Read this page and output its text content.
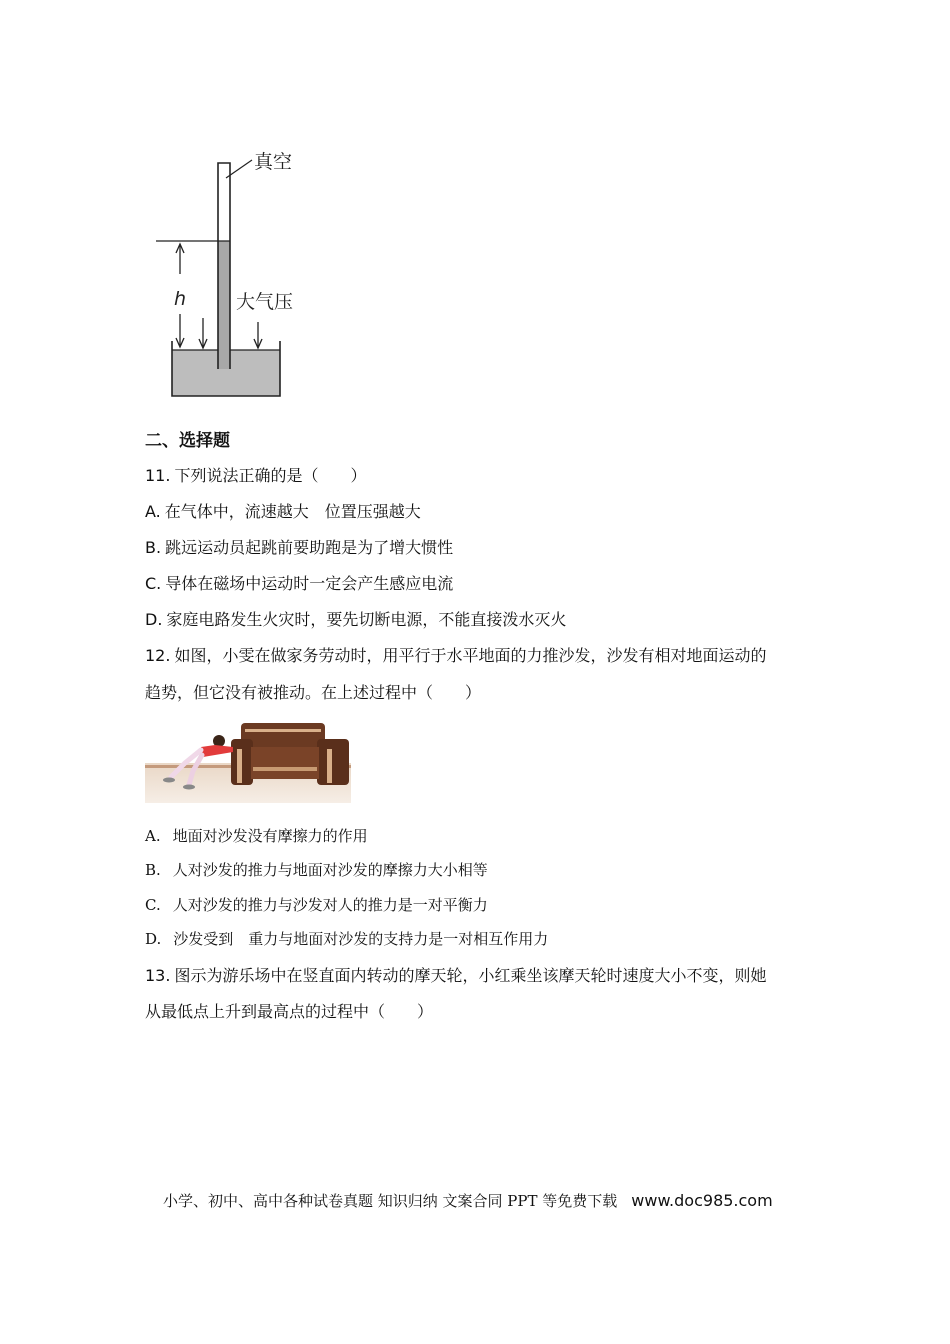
h
真空
大气压
二、选择题
11. 下列说法正确的是（　　）
A. 在气体中，流速越大　位置压强越大
B. 跳远运动员起跳前要助跑是为了增大惯性
C. 导体在磁场中运动时一定会产生感应电流
D. 家庭电路发生火灾时，要先切断电源，不能直接泼水灭火
12. 如图，小雯在做家务劳动时，用平行于水平地面的力推沙发，沙发有相对地面运动的
趋势，但它没有被推动。在上述过程中（　　）
A. 地面对沙发没有摩擦力的作用
B. 人对沙发的推力与地面对沙发的摩擦力大小相等
C. 人对沙发的推力与沙发对人的推力是一对平衡力
D. 沙发受到　重力与地面对沙发的支持力是一对相互作用力
13. 图示为游乐场中在竖直面内转动的摩天轮，小红乘坐该摩天轮时速度大小不变，则她
从最低点上升到最高点的过程中（　　）
小学、初中、高中各种试卷真题 知识归纳 文案合同 PPT 等免费下载 www.doc985.com
